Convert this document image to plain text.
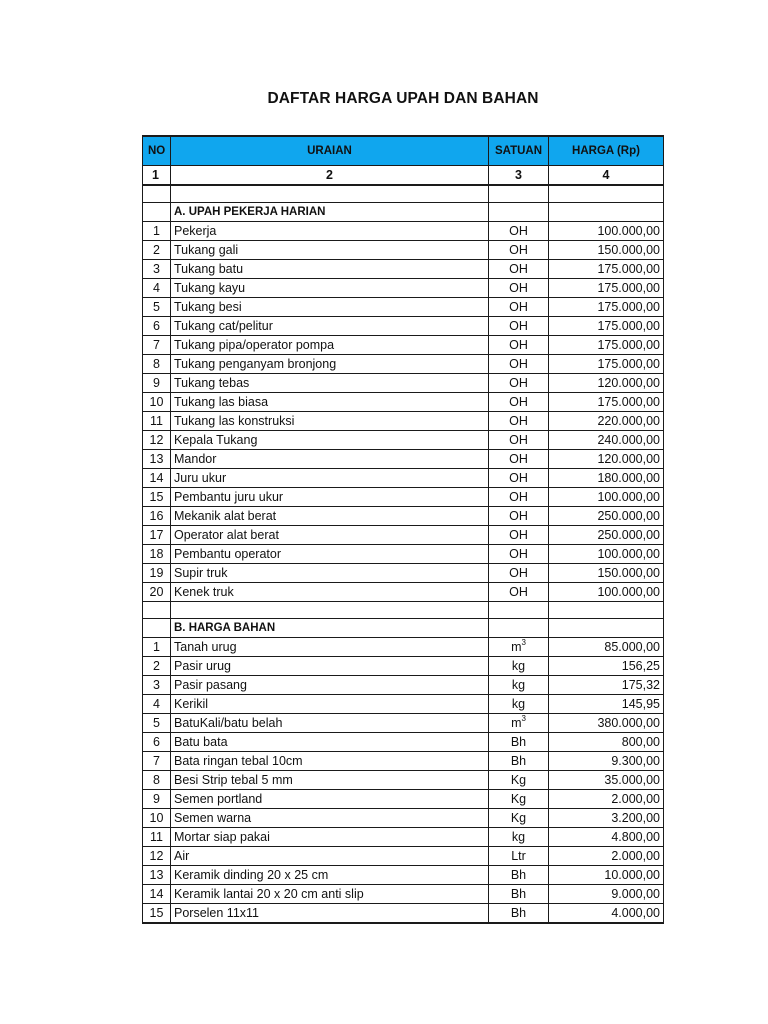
DAFTAR HARGA UPAH DAN BAHAN
NO	URAIAN	SATUAN	HARGA (Rp)
1	2	3	4

	A. UPAH PEKERJA HARIAN		
1	Pekerja	OH	100.000,00
2	Tukang gali	OH	150.000,00
3	Tukang batu	OH	175.000,00
4	Tukang kayu	OH	175.000,00
5	Tukang besi	OH	175.000,00
6	Tukang cat/pelitur	OH	175.000,00
7	Tukang pipa/operator pompa	OH	175.000,00
8	Tukang penganyam bronjong	OH	175.000,00
9	Tukang tebas	OH	120.000,00
10	Tukang las biasa	OH	175.000,00
11	Tukang las konstruksi	OH	220.000,00
12	Kepala Tukang	OH	240.000,00
13	Mandor	OH	120.000,00
14	Juru ukur	OH	180.000,00
15	Pembantu juru ukur	OH	100.000,00
16	Mekanik alat berat	OH	250.000,00
17	Operator alat berat	OH	250.000,00
18	Pembantu operator	OH	100.000,00
19	Supir truk	OH	150.000,00
20	Kenek truk	OH	100.000,00

	B. HARGA BAHAN		
1	Tanah urug	$m^3$	85.000,00
2	Pasir urug	kg	156,25
3	Pasir pasang	kg	175,32
4	Kerikil	kg	145,95
5	BatuKali/batu belah	$m^3$	380.000,00
6	Batu bata	Bh	800,00
7	Bata ringan tebal 10cm	Bh	9.300,00
8	Besi Strip tebal 5 mm	Kg	35.000,00
9	Semen portland	Kg	2.000,00
10	Semen warna	Kg	3.200,00
11	Mortar siap pakai	kg	4.800,00
12	Air	Ltr	2.000,00
13	Keramik dinding 20 x 25 cm	Bh	10.000,00
14	Keramik lantai 20 x 20 cm anti slip	Bh	9.000,00
15	Porselen 11x11	Bh	4.000,00
